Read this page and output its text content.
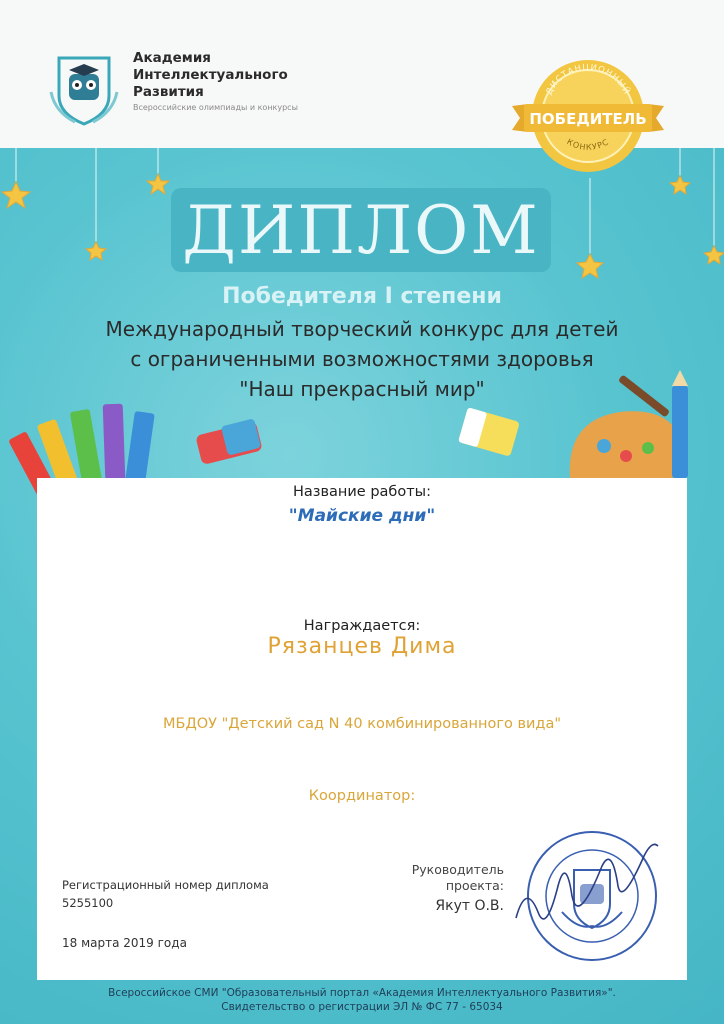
Академия
Интеллектуального
Развития
Всероссийские олимпиады и конкурсы
ДИСТАНЦИОННЫЙ
КОНКУРС
ПОБЕДИТЕЛЬ
ДИПЛОМ
Победителя I степени
Международный творческий конкурс для детей
с ограниченными возможностями здоровья
"Наш прекрасный мир"
Название работы:
"Майские дни"
Награждается:
Рязанцев Дима
МБДОУ "Детский сад N 40 комбинированного вида"
Координатор:
Регистрационный номер диплома
5255100
18 марта 2019 года
Руководитель
проекта:
Якут О.В.
Всероссийское СМИ "Образовательный портал «Академия Интеллектуального Развития»".
Свидетельство о регистрации ЭЛ № ФС 77 - 65034
